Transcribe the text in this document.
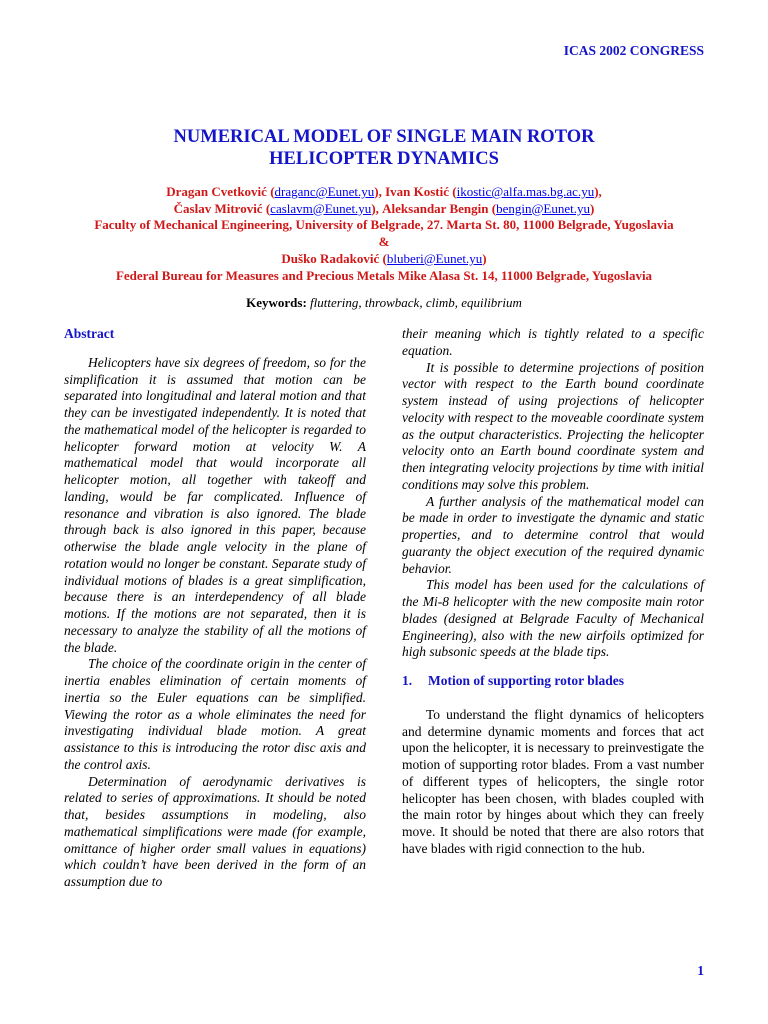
ICAS 2002 CONGRESS
NUMERICAL MODEL OF SINGLE MAIN ROTOR
HELICOPTER DYNAMICS
Dragan Cvetković (draganc@Eunet.yu), Ivan Kostić (ikostic@alfa.mas.bg.ac.yu),
Časlav Mitrović (caslavm@Eunet.yu), Aleksandar Bengin (bengin@Eunet.yu)
Faculty of Mechanical Engineering, University of Belgrade, 27. Marta St. 80, 11000 Belgrade, Yugoslavia
&
Duško Radaković (bluberi@Eunet.yu)
Federal Bureau for Measures and Precious Metals Mike Alasa St. 14, 11000 Belgrade, Yugoslavia
Keywords: fluttering, throwback, climb, equilibrium
Abstract

Helicopters have six degrees of freedom, so for the simplification it is assumed that motion can be separated into longitudinal and lateral motion and that they can be investigated independently. It is noted that the mathematical model of the helicopter is regarded to helicopter forward motion at velocity W. A mathematical model that would incorporate all helicopter motion, all together with takeoff and landing, would be far complicated. Influence of resonance and vibration is also ignored. The blade through back is also ignored in this paper, because otherwise the blade angle velocity in the plane of rotation would no longer be constant. Separate study of individual motions of blades is a great simplification, because there is an interdependency of all blade motions. If the motions are not separated, then it is necessary to analyze the stability of all the motions of the blade.

The choice of the coordinate origin in the center of inertia enables elimination of certain moments of inertia so the Euler equations can be simplified. Viewing the rotor as a whole eliminates the need for investigating individual blade motion. A great assistance to this is introducing the rotor disc axis and the control axis.

Determination of aerodynamic derivatives is related to series of approximations. It should be noted that, besides assumptions in modeling, also mathematical simplifications were made (for example, omittance of higher order small values in equations) which couldn’t have been derived in the form of an assumption due to

their meaning which is tightly related to a specific equation.

It is possible to determine projections of position vector with respect to the Earth bound coordinate system instead of using projections of helicopter velocity with respect to the moveable coordinate system as the output characteristics. Projecting the helicopter velocity onto an Earth bound coordinate system and then integrating velocity projections by time with initial conditions may solve this problem.

A further analysis of the mathematical model can be made in order to investigate the dynamic and static properties, and to determine control that would guaranty the object execution of the required dynamic behavior.

This model has been used for the calculations of the Mi-8 helicopter with the new composite main rotor blades (designed at Belgrade Faculty of Mechanical Engineering), also with the new airfoils optimized for high subsonic speeds at the blade tips.

1. Motion of supporting rotor blades

To understand the flight dynamics of helicopters and determine dynamic moments and forces that act upon the helicopter, it is necessary to preinvestigate the motion of supporting rotor blades. From a vast number of different types of helicopters, the single rotor helicopter has been chosen, with blades coupled with the main rotor by hinges about which they can freely move. It should be noted that there are also rotors that have blades with rigid connection to the hub.

1
